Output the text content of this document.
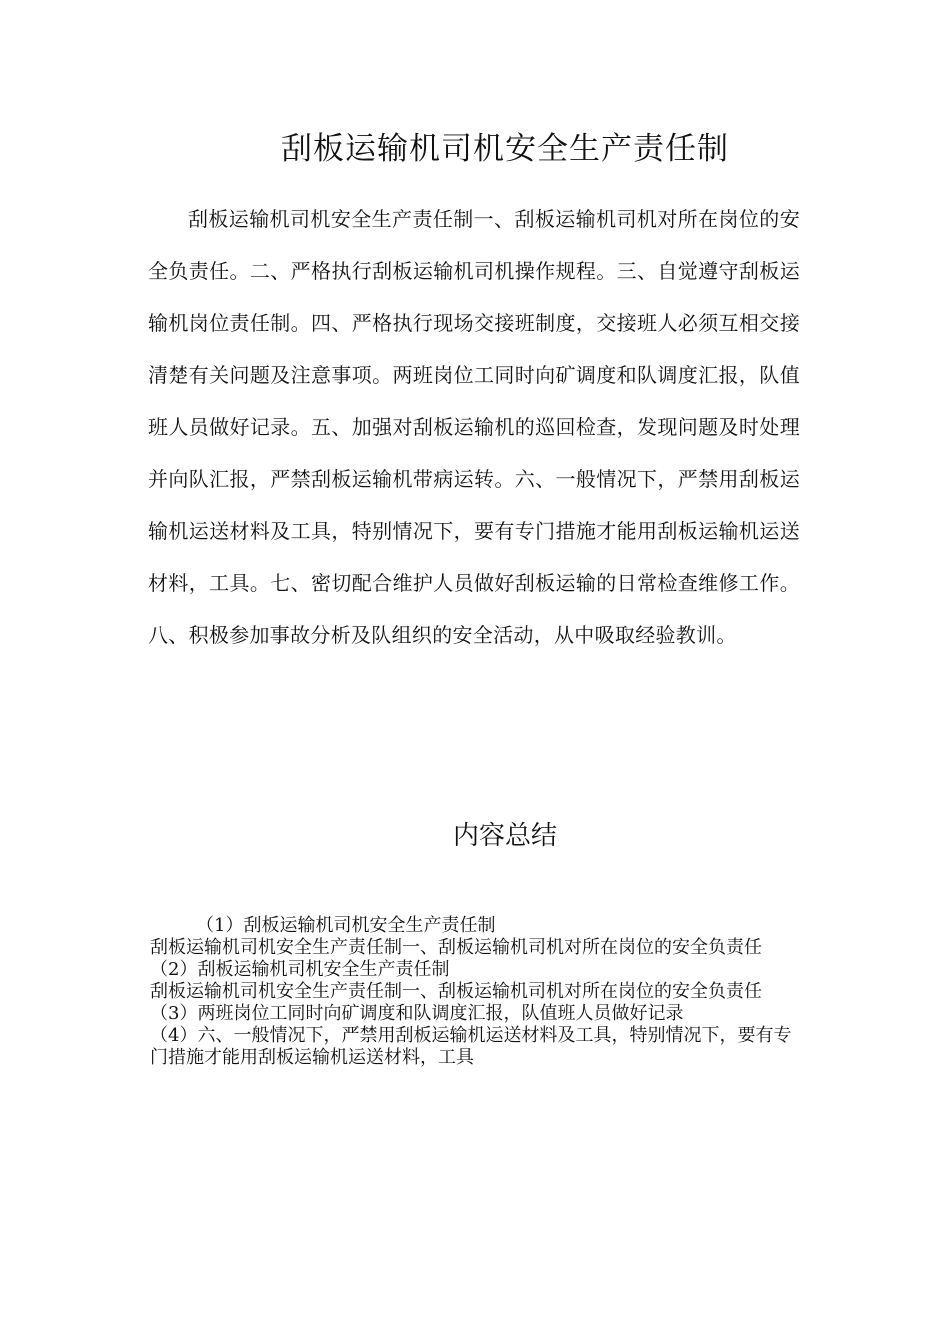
刮板运输机司机安全生产责任制

刮板运输机司机安全生产责任制一、刮板运输机司机对所在岗位的安全负责任。二、严格执行刮板运输机司机操作规程。三、自觉遵守刮板运输机岗位责任制。四、严格执行现场交接班制度，交接班人必须互相交接清楚有关问题及注意事项。两班岗位工同时向矿调度和队调度汇报，队值班人员做好记录。五、加强对刮板运输机的巡回检查，发现问题及时处理并向队汇报，严禁刮板运输机带病运转。六、一般情况下，严禁用刮板运输机运送材料及工具，特别情况下，要有专门措施才能用刮板运输机运送材料，工具。七、密切配合维护人员做好刮板运输的日常检查维修工作。八、积极参加事故分析及队组织的安全活动，从中吸取经验教训。

内容总结
（1）刮板运输机司机安全生产责任制
刮板运输机司机安全生产责任制一、刮板运输机司机对所在岗位的安全负责任
（2）刮板运输机司机安全生产责任制
刮板运输机司机安全生产责任制一、刮板运输机司机对所在岗位的安全负责任
（3）两班岗位工同时向矿调度和队调度汇报，队值班人员做好记录
（4）六、一般情况下，严禁用刮板运输机运送材料及工具，特别情况下，要有专门措施才能用刮板运输机运送材料，工具
